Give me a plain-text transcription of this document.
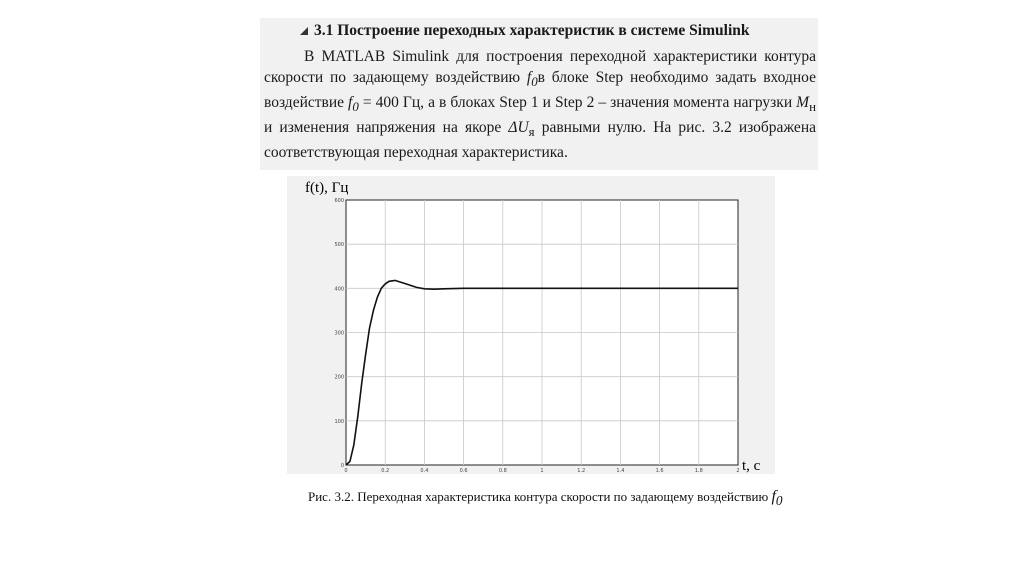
3.1 Построение переходных характеристик в системе Simulink

В MATLAB Simulink для построения переходной характеристики контура скорости по задающему воздействию $f_0в$ блоке Step необходимо задать входное воздействие $f_0 = 400$ Гц, а в блоках Step 1 и Step 2 – значения момента нагрузки $M_н$ и изменения напряжения на якоре $\Delta U_я$ равными нулю. На рис. 3.2 изображена соответствующая переходная характеристика.

0	0.2	0.4	0.6	0.8	1	1.2	1.4	1.6	1.8	2
0
100
200
300
400
500
600
f(t), Гц
t, с
Рис. 3.2. Переходная характеристика контура скорости по задающему воздействию $f_0$
